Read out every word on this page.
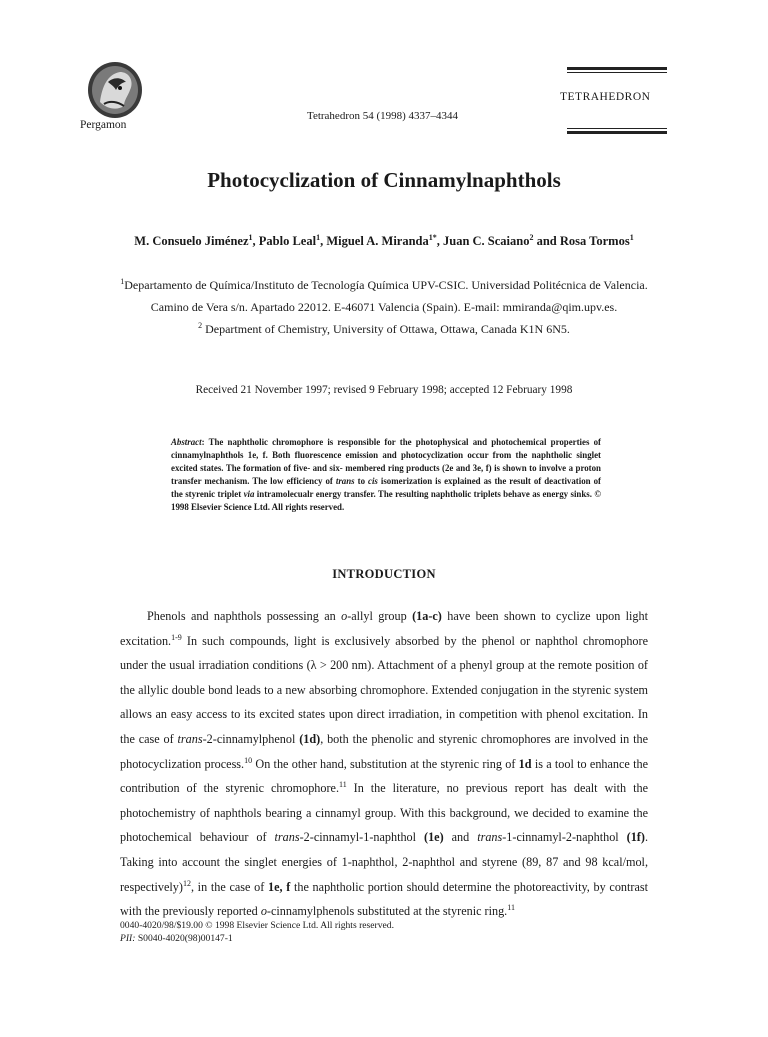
Pergamon
Tetrahedron 54 (1998) 4337–4344
TETRAHEDRON
Photocyclization of Cinnamylnaphthols
M. Consuelo Jiménez$^1$, Pablo Leal$^1$, Miguel A. Miranda$^{1*}$, Juan C. Scaiano$^2$ and Rosa Tormos$^1$
$^1$Departamento de Química/Instituto de Tecnología Química UPV-CSIC. Universidad Politécnica de Valencia.
Camino de Vera s/n. Apartado 22012. E-46071 Valencia (Spain). E-mail: mmiranda@qim.upv.es.
$^2$ Department of Chemistry, University of Ottawa, Ottawa, Canada K1N 6N5.
Received 21 November 1997; revised 9 February 1998; accepted 12 February 1998
Abstract: The naphtholic chromophore is responsible for the photophysical and photochemical properties of cinnamylnaphthols 1e, f. Both fluorescence emission and photocyclization occur from the naphtholic singlet excited states. The formation of five- and six- membered ring products (2e and 3e, f) is shown to involve a proton transfer mechanism. The low efficiency of trans to cis isomerization is explained as the result of deactivation of the styrenic triplet via intramolecualr energy transfer. The resulting naphtholic triplets behave as energy sinks. © 1998 Elsevier Science Ltd. All rights reserved.
INTRODUCTION

Phenols and naphthols possessing an o-allyl group (1a-c) have been shown to cyclize upon light excitation.$^{1-9}$ In such compounds, light is exclusively absorbed by the phenol or naphthol chromophore under the usual irradiation conditions (λ > 200 nm). Attachment of a phenyl group at the remote position of the allylic double bond leads to a new absorbing chromophore. Extended conjugation in the styrenic system allows an easy access to its excited states upon direct irradiation, in competition with phenol excitation. In the case of trans-2-cinnamylphenol (1d), both the phenolic and styrenic chromophores are involved in the photocyclization process.$^{10}$ On the other hand, substitution at the styrenic ring of 1d is a tool to enhance the contribution of the styrenic chromophore.$^{11}$ In the literature, no previous report has dealt with the photochemistry of naphthols bearing a cinnamyl group. With this background, we decided to examine the photochemical behaviour of trans-2-cinnamyl-1-naphthol (1e) and trans-1-cinnamyl-2-naphthol (1f). Taking into account the singlet energies of 1-naphthol, 2-naphthol and styrene (89, 87 and 98 kcal/mol, respectively)$^{12}$, in the case of 1e, f the naphtholic portion should determine the photoreactivity, by contrast with the previously reported o-cinnamylphenols substituted at the styrenic ring.$^{11}$

0040-4020/98/$19.00 © 1998 Elsevier Science Ltd. All rights reserved.
PII: S0040-4020(98)00147-1
